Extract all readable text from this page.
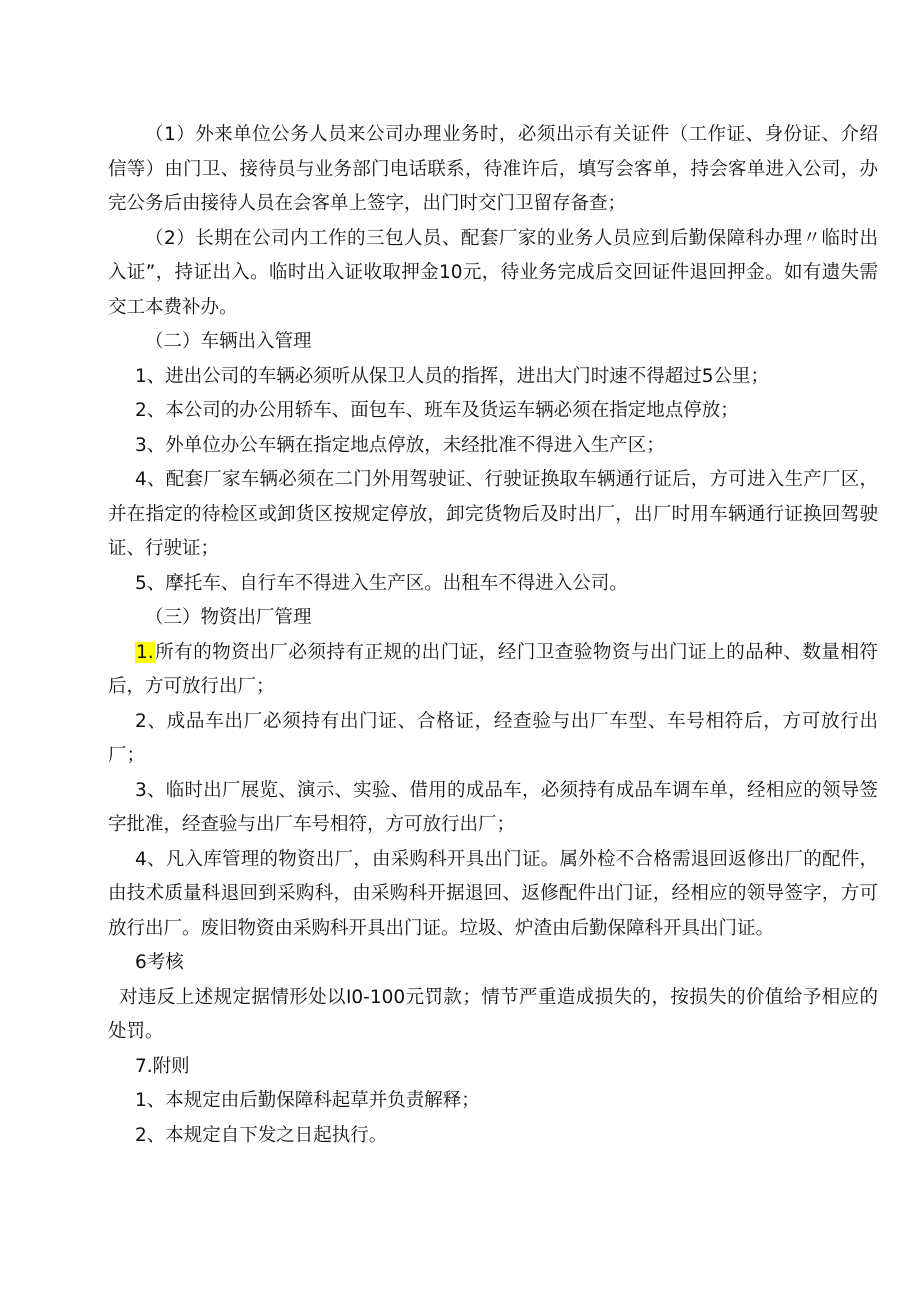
（1）外来单位公务人员来公司办理业务时，必须出示有关证件（工作证、身份证、介绍信等）由门卫、接待员与业务部门电话联系，待准许后，填写会客单，持会客单进入公司，办完公务后由接待人员在会客单上签字，出门时交门卫留存备查；

（2）长期在公司内工作的三包人员、配套厂家的业务人员应到后勤保障科办理〃临时出入证”，持证出入。临时出入证收取押金10元，待业务完成后交回证件退回押金。如有遗失需交工本费补办。

（二）车辆出入管理

1、进出公司的车辆必须听从保卫人员的指挥，进出大门时速不得超过5公里；

2、本公司的办公用轿车、面包车、班车及货运车辆必须在指定地点停放；

3、外单位办公车辆在指定地点停放，未经批准不得进入生产区；

4、配套厂家车辆必须在二门外用驾驶证、行驶证换取车辆通行证后，方可进入生产厂区，并在指定的待检区或卸货区按规定停放，卸完货物后及时出厂，出厂时用车辆通行证换回驾驶证、行驶证；

5、摩托车、自行车不得进入生产区。出租车不得进入公司。

（三）物资出厂管理

1.所有的物资出厂必须持有正规的出门证，经门卫查验物资与出门证上的品种、数量相符后，方可放行出厂；

2、成品车出厂必须持有出门证、合格证，经查验与出厂车型、车号相符后，方可放行出厂；

3、临时出厂展览、演示、实验、借用的成品车，必须持有成品车调车单，经相应的领导签字批准，经查验与出厂车号相符，方可放行出厂；

4、凡入库管理的物资出厂，由采购科开具出门证。属外检不合格需退回返修出厂的配件，由技术质量科退回到采购科，由采购科开据退回、返修配件出门证，经相应的领导签字，方可放行出厂。废旧物资由采购科开具出门证。垃圾、炉渣由后勤保障科开具出门证。

6考核

对违反上述规定据情形处以I0-100元罚款；情节严重造成损失的，按损失的价值给予相应的处罚。

7.附则

1、本规定由后勤保障科起草并负责解释；

2、本规定自下发之日起执行。
